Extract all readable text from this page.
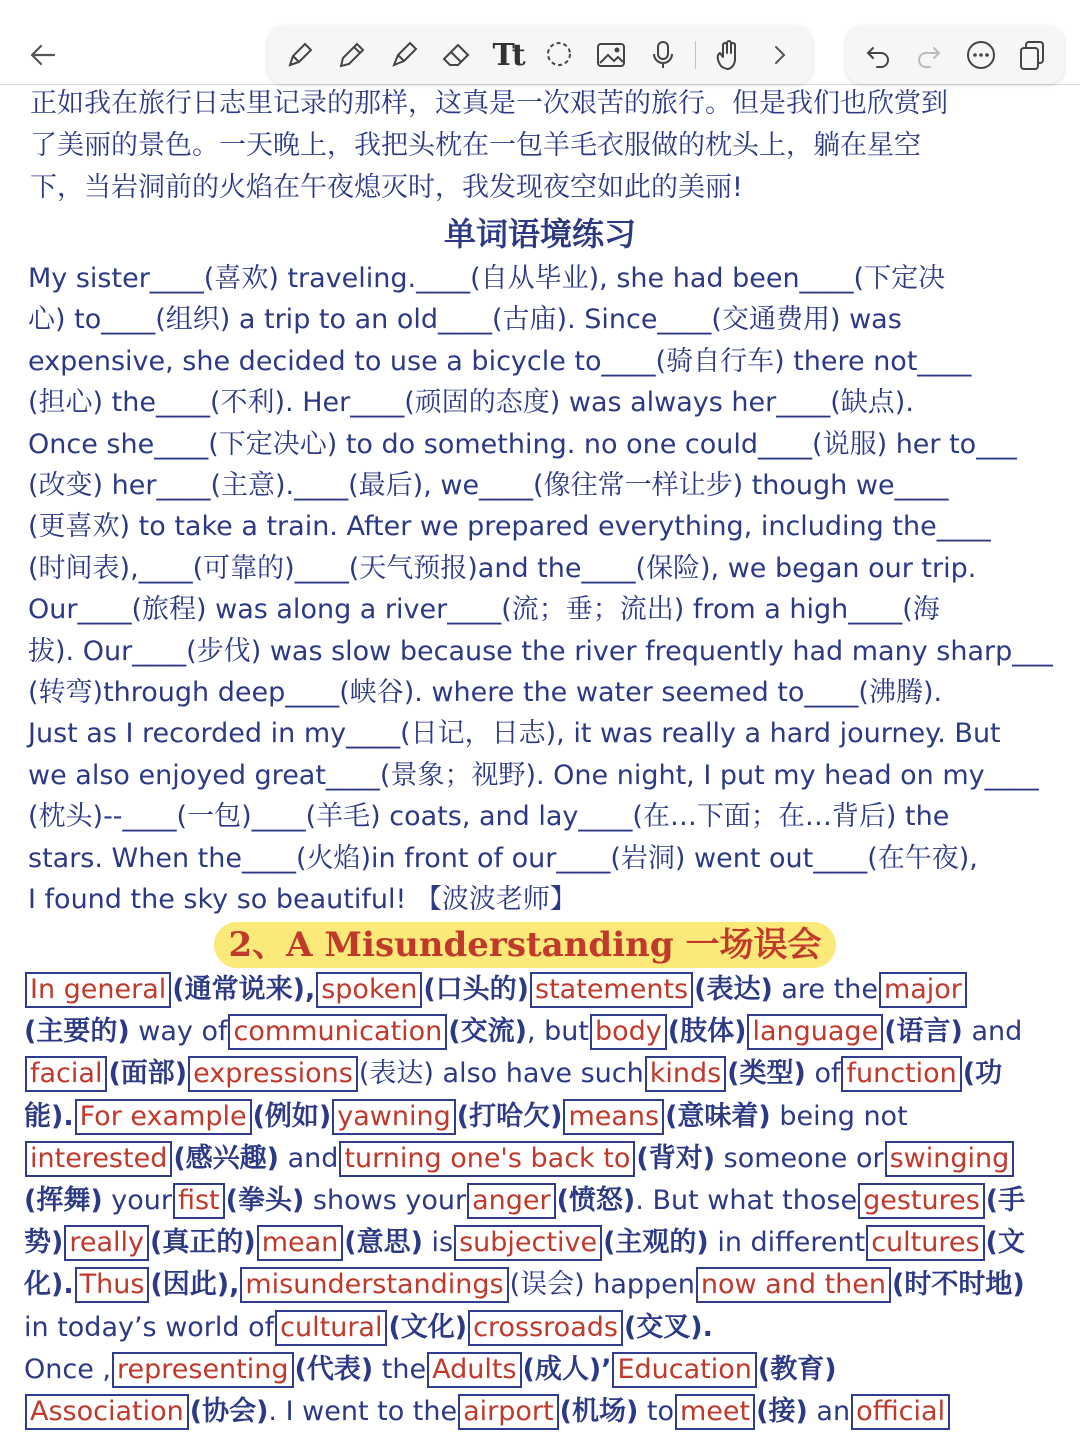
Tt
正如我在旅行日志里记录的那样，这真是一次艰苦的旅行。但是我们也欣赏到
了美丽的景色。一天晚上，我把头枕在一包羊毛衣服做的枕头上，躺在星空
下，当岩洞前的火焰在午夜熄灭时，我发现夜空如此的美丽!
单词语境练习
My sister____(喜欢) traveling.____(自从毕业), she had been____(下定决
心) to____(组织) a trip to an old____(古庙). Since____(交通费用) was
expensive, she decided to use a bicycle to____(骑自行车) there not____
(担心) the____(不利). Her____(顽固的态度) was always her____(缺点).
Once she____(下定决心) to do something. no one could____(说服) her to___
(改变) her____(主意).____(最后), we____(像往常一样让步) though we____
(更喜欢) to take a train. After we prepared everything, including the____
(时间表),____(可靠的)____(天气预报)and the____(保险), we began our trip.
Our____(旅程) was along a river____(流；垂；流出) from a high____(海
拔). Our____(步伐) was slow because the river frequently had many sharp___
(转弯)through deep____(峡谷). where the water seemed to____(沸腾).
Just as I recorded in my____(日记，日志), it was really a hard journey. But
we also enjoyed great____(景象；视野). One night, I put my head on my____
(枕头)--____(一包)____(羊毛) coats, and lay____(在…下面；在…背后) the
stars. When the____(火焰)in front of our____(岩洞) went out____(在午夜),
I found the sky so beautiful! 【波波老师】
2、A Misunderstanding 一场误会
In general (通常说来), spoken (口头的) statements (表达) are the major
(主要的) way of communication (交流), but body (肢体) language (语言) and
facial (面部) expressions (表达) also have such kinds (类型) of function (功
能). For example (例如) yawning (打哈欠) means (意味着) being not
interested (感兴趣) and turning one's back to (背对) someone or swinging
(挥舞) your fist (拳头) shows your anger (愤怒). But what those gestures (手
势) really (真正的) mean (意思) is subjective (主观的) in different cultures (文
化). Thus (因此), misunderstandings (误会) happen now and then (时不时地)
in today’s world of cultural (文化) crossroads (交叉).
Once , representing (代表) the Adults (成人)’ Education (教育)
Association (协会). I went to the airport (机场) to meet (接) an official
